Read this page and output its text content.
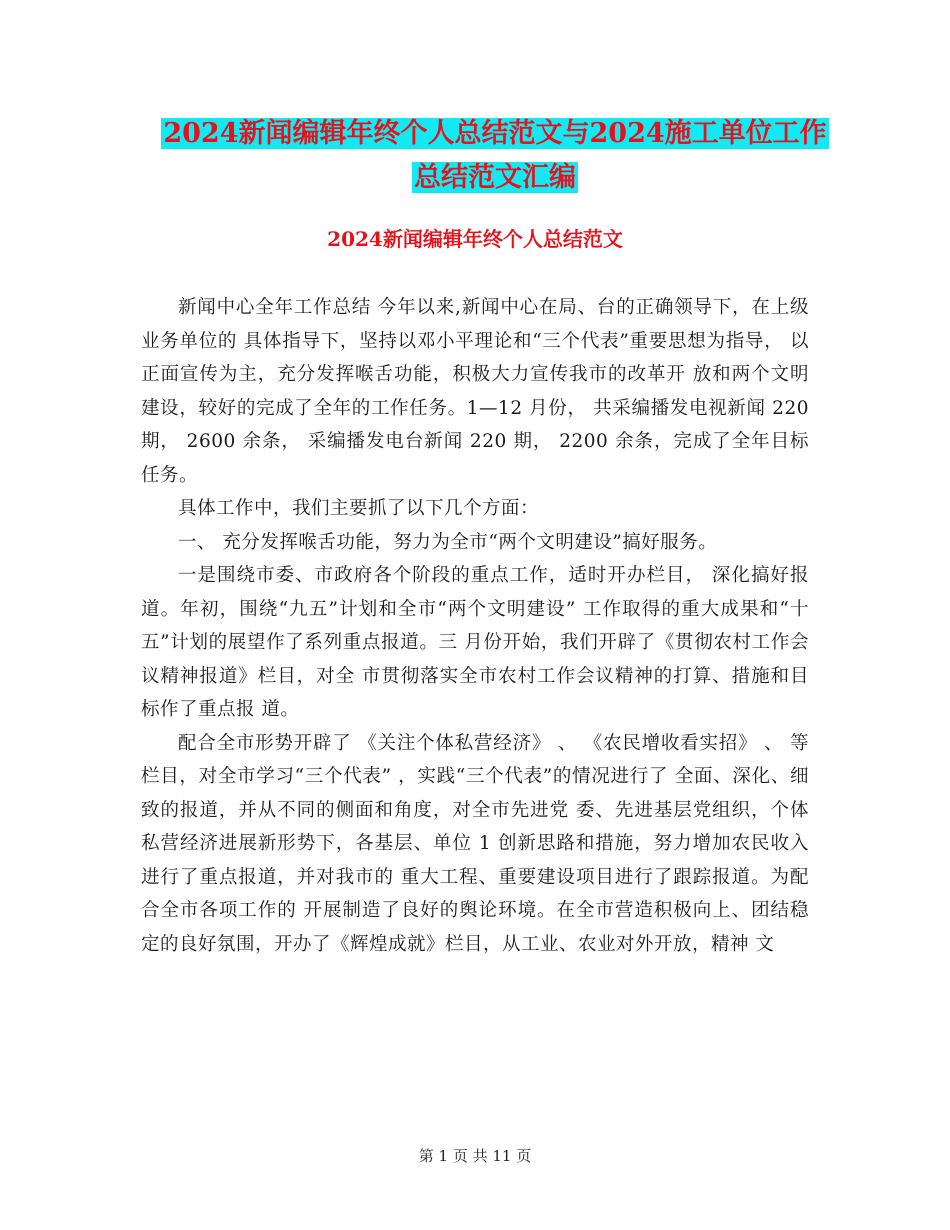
2024新闻编辑年终个人总结范文与2024施工单位工作
总结范文汇编
2024新闻编辑年终个人总结范文

新闻中心全年工作总结 今年以来,新闻中心在局、台的正确领导下，在上级业务单位的 具体指导下，坚持以邓小平理论和“三个代表”重要思想为指导， 以正面宣传为主，充分发挥喉舌功能，积极大力宣传我市的改革开 放和两个文明建设，较好的完成了全年的工作任务。1—12 月份， 共采编播发电视新闻 220 期， 2600 余条， 采编播发电台新闻 220 期， 2200 余条，完成了全年目标任务。

具体工作中，我们主要抓了以下几个方面：

一、 充分发挥喉舌功能，努力为全市“两个文明建设”搞好服务。

一是围绕市委、市政府各个阶段的重点工作，适时开办栏目， 深化搞好报道。年初，围绕“九五”计划和全市“两个文明建设” 工作取得的重大成果和“十五”计划的展望作了系列重点报道。三 月份开始，我们开辟了《贯彻农村工作会议精神报道》栏目，对全 市贯彻落实全市农村工作会议精神的打算、措施和目标作了重点报 道。

配合全市形势开辟了 《关注个体私营经济》 、 《农民增收看实招》 、 等栏目，对全市学习“三个代表” ，实践“三个代表”的情况进行了 全面、深化、细致的报道，并从不同的侧面和角度，对全市先进党 委、先进基层党组织，个体私营经济进展新形势下，各基层、单位 1 创新思路和措施，努力增加农民收入进行了重点报道，并对我市的 重大工程、重要建设项目进行了跟踪报道。为配合全市各项工作的 开展制造了良好的舆论环境。在全市营造积极向上、团结稳定的良好氛围，开办了《辉煌成就》栏目，从工业、农业对外开放，精神 文

第 1 页 共 11 页
